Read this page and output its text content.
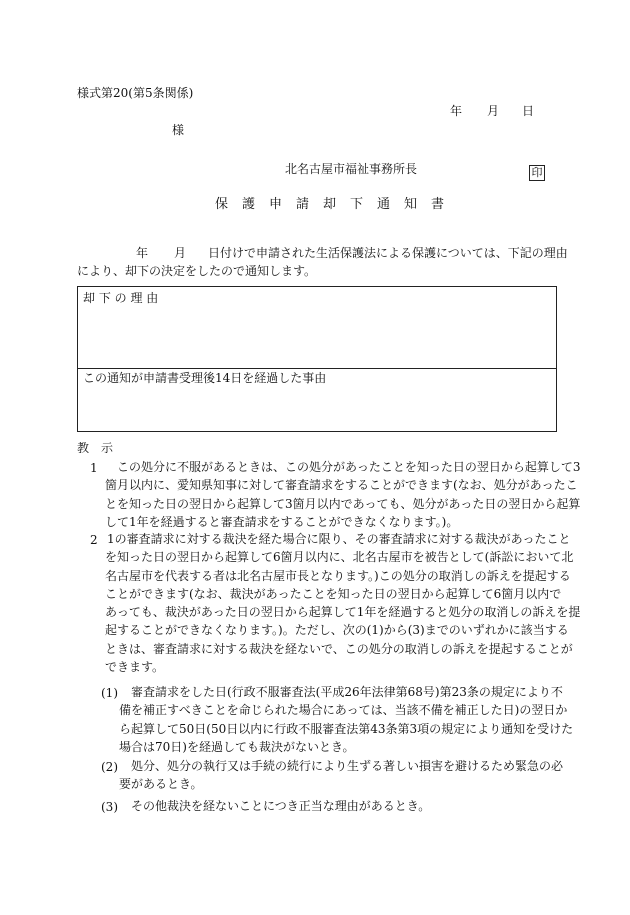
様式第20(第5条関係)
年 月 日
様
北名古屋市福祉事務所長	印
保護申請却下通知書
年 月 日付けで申請された生活保護法による保護については、下記の理由
により、却下の決定をしたので通知します。
却 下 の 理 由
この通知が申請書受理後14日を経過した事由
教　示
1	この処分に不服があるときは、この処分があったことを知った日の翌日から起算して3
箇月以内に、愛知県知事に対して審査請求をすることができます(なお、処分があったこ
とを知った日の翌日から起算して3箇月以内であっても、処分があった日の翌日から起算
して1年を経過すると審査請求をすることができなくなります。)。
2 1の審査請求に対する裁決を経た場合に限り、その審査請求に対する裁決があったこと
を知った日の翌日から起算して6箇月以内に、北名古屋市を被告として(訴訟において北
名古屋市を代表する者は北名古屋市長となります。)この処分の取消しの訴えを提起する
ことができます(なお、裁決があったことを知った日の翌日から起算して6箇月以内で
あっても、裁決があった日の翌日から起算して1年を経過すると処分の取消しの訴えを提
起することができなくなります。)。ただし、次の(1)から(3)までのいずれかに該当する
ときは、審査請求に対する裁決を経ないで、この処分の取消しの訴えを提起することが
できます。
(1)	審査請求をした日(行政不服審査法(平成26年法律第68号)第23条の規定により不
備を補正すべきことを命じられた場合にあっては、当該不備を補正した日)の翌日か
ら起算して50日(50日以内に行政不服審査法第43条第3項の規定により通知を受けた
場合は70日)を経過しても裁決がないとき。
(2)	処分、処分の執行又は手続の続行により生ずる著しい損害を避けるため緊急の必
要があるとき。
(3)	その他裁決を経ないことにつき正当な理由があるとき。
